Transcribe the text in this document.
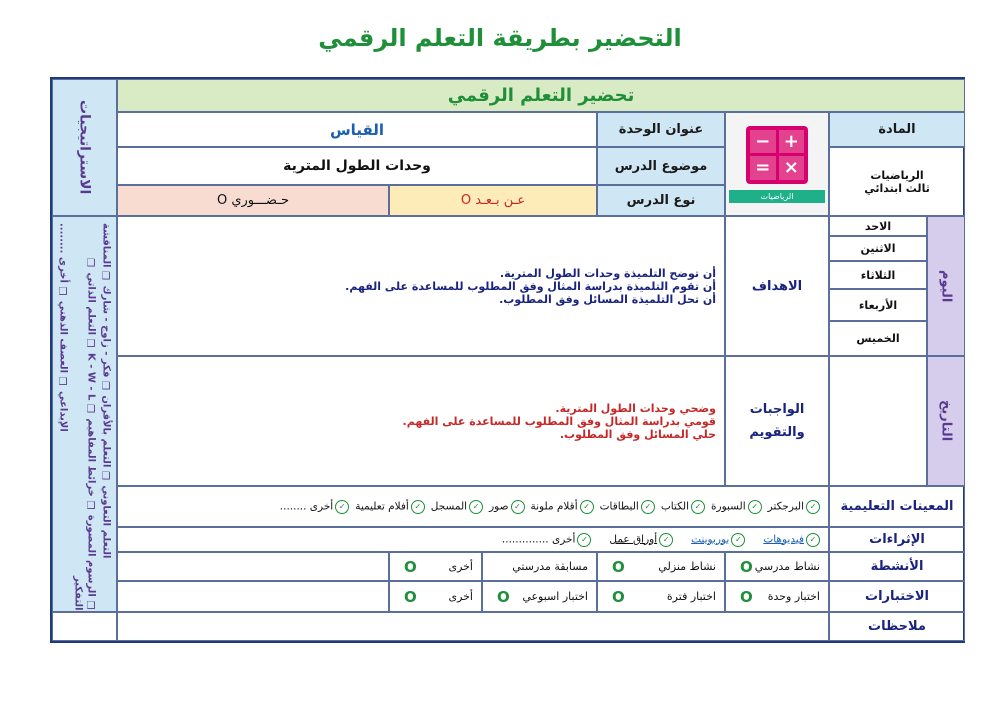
التحضير بطريقة التعلم الرقمي
الاستراتيجيات
التعلم التعاوني ❑ التعلم بالأقران ❑ فكر - زاوج - شارك ❑ المناقشة
❑ الرسوم المصورة ❑ خرائط المفاهيم ❑ K - W - L ❑ التعلم الذاتي ❑ التفكير
الإبداعي ❑ العصف الذهني ❑ أخرى ........
تحضير التعلم الرقمي
المادة
الرياضيات
ثالث ابتدائي
+
−
×
=
الرياضيات
عنوان الوحدة
موضوع الدرس
نوع الدرس
القياس
وحدات الطول المترية
عـن بـعـد O
حـضـــوري O
اليوم
التاريخ
الاحد
الاثنين
الثلاثاء
الأربعاء
الخميس
الاهداف
أن توضح التلميذة وحدات الطول المترية.
أن تقوم التلميذة بدراسة المثال وفق المطلوب للمساعدة على الفهم.
أن تحل التلميذة المسائل وفق المطلوب.
الواجبات
والتقويم
وضحي وحدات الطول المترية.
قومي بدراسة المثال وفق المطلوب للمساعدة على الفهم.
حلي المسائل وفق المطلوب.
المعينات التعليمية
✓البرجكتر
✓السبورة
✓الكتاب
✓البطاقات
✓أقلام ملونة
✓صور
✓المسجل
✓أفلام تعليمية
✓أخرى ........
الإثراءات
✓فيديوهات
✓بوربوينت
✓أوراق عمل
✓أخرى ..............
الأنشطة
نشاط مدرسي
O
نشاط منزلي
O
مسابقة مدرستي
أخرى
O
الاختبارات
اختبار وحدة
O
اختبار فترة
O
اختبار اسبوعي
O
أخرى
O
ملاحظات
